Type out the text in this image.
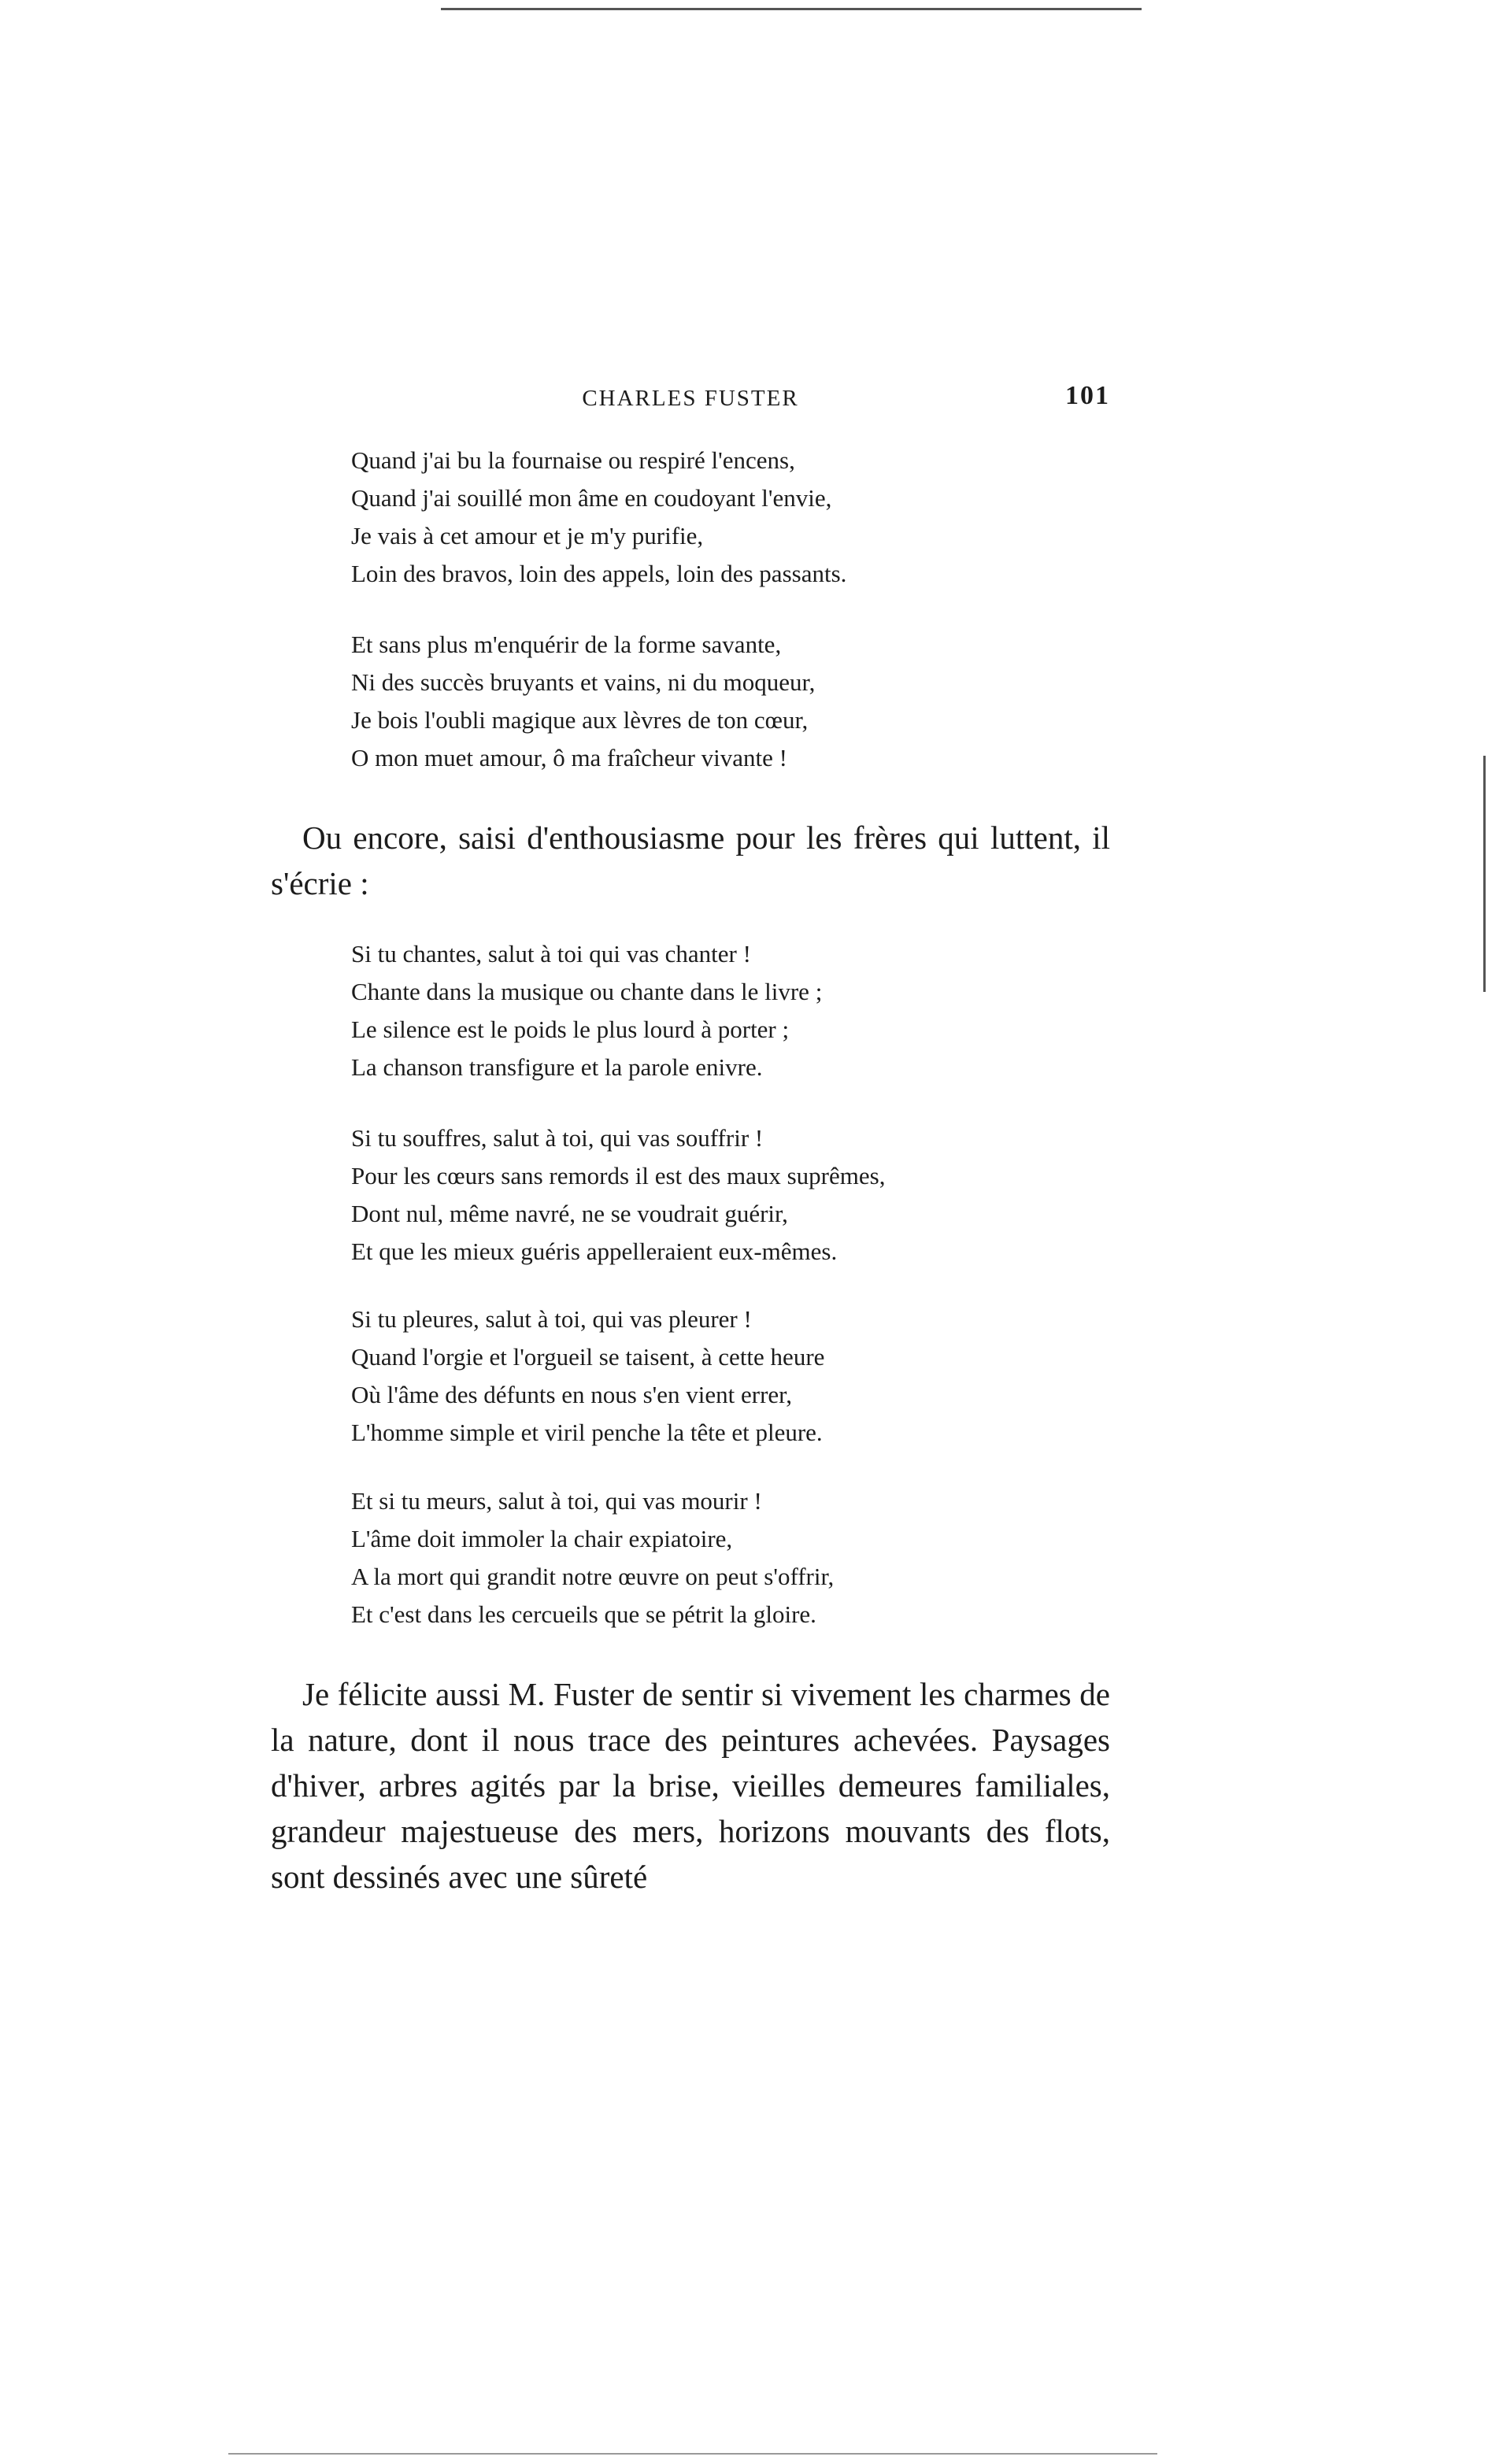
CHARLES FUSTER	101
Quand j'ai bu la fournaise ou respiré l'encens,
Quand j'ai souillé mon âme en coudoyant l'envie,
Je vais à cet amour et je m'y purifie,
Loin des bravos, loin des appels, loin des passants.
Et sans plus m'enquérir de la forme savante,
Ni des succès bruyants et vains, ni du moqueur,
Je bois l'oubli magique aux lèvres de ton cœur,
O mon muet amour, ô ma fraîcheur vivante !

Ou encore, saisi d'enthousiasme pour les frères qui luttent, il s'écrie :

Si tu chantes, salut à toi qui vas chanter !
Chante dans la musique ou chante dans le livre ;
Le silence est le poids le plus lourd à porter ;
La chanson transfigure et la parole enivre.
Si tu souffres, salut à toi, qui vas souffrir !
Pour les cœurs sans remords il est des maux suprêmes,
Dont nul, même navré, ne se voudrait guérir,
Et que les mieux guéris appelleraient eux-mêmes.
Si tu pleures, salut à toi, qui vas pleurer !
Quand l'orgie et l'orgueil se taisent, à cette heure
Où l'âme des défunts en nous s'en vient errer,
L'homme simple et viril penche la tête et pleure.
Et si tu meurs, salut à toi, qui vas mourir !
L'âme doit immoler la chair expiatoire,
A la mort qui grandit notre œuvre on peut s'offrir,
Et c'est dans les cercueils que se pétrit la gloire.

Je félicite aussi M. Fuster de sentir si vivement les charmes de la nature, dont il nous trace des peintures achevées. Paysages d'hiver, arbres agités par la brise, vieilles demeures familiales, grandeur majestueuse des mers, horizons mouvants des flots, sont dessinés avec une sûreté
